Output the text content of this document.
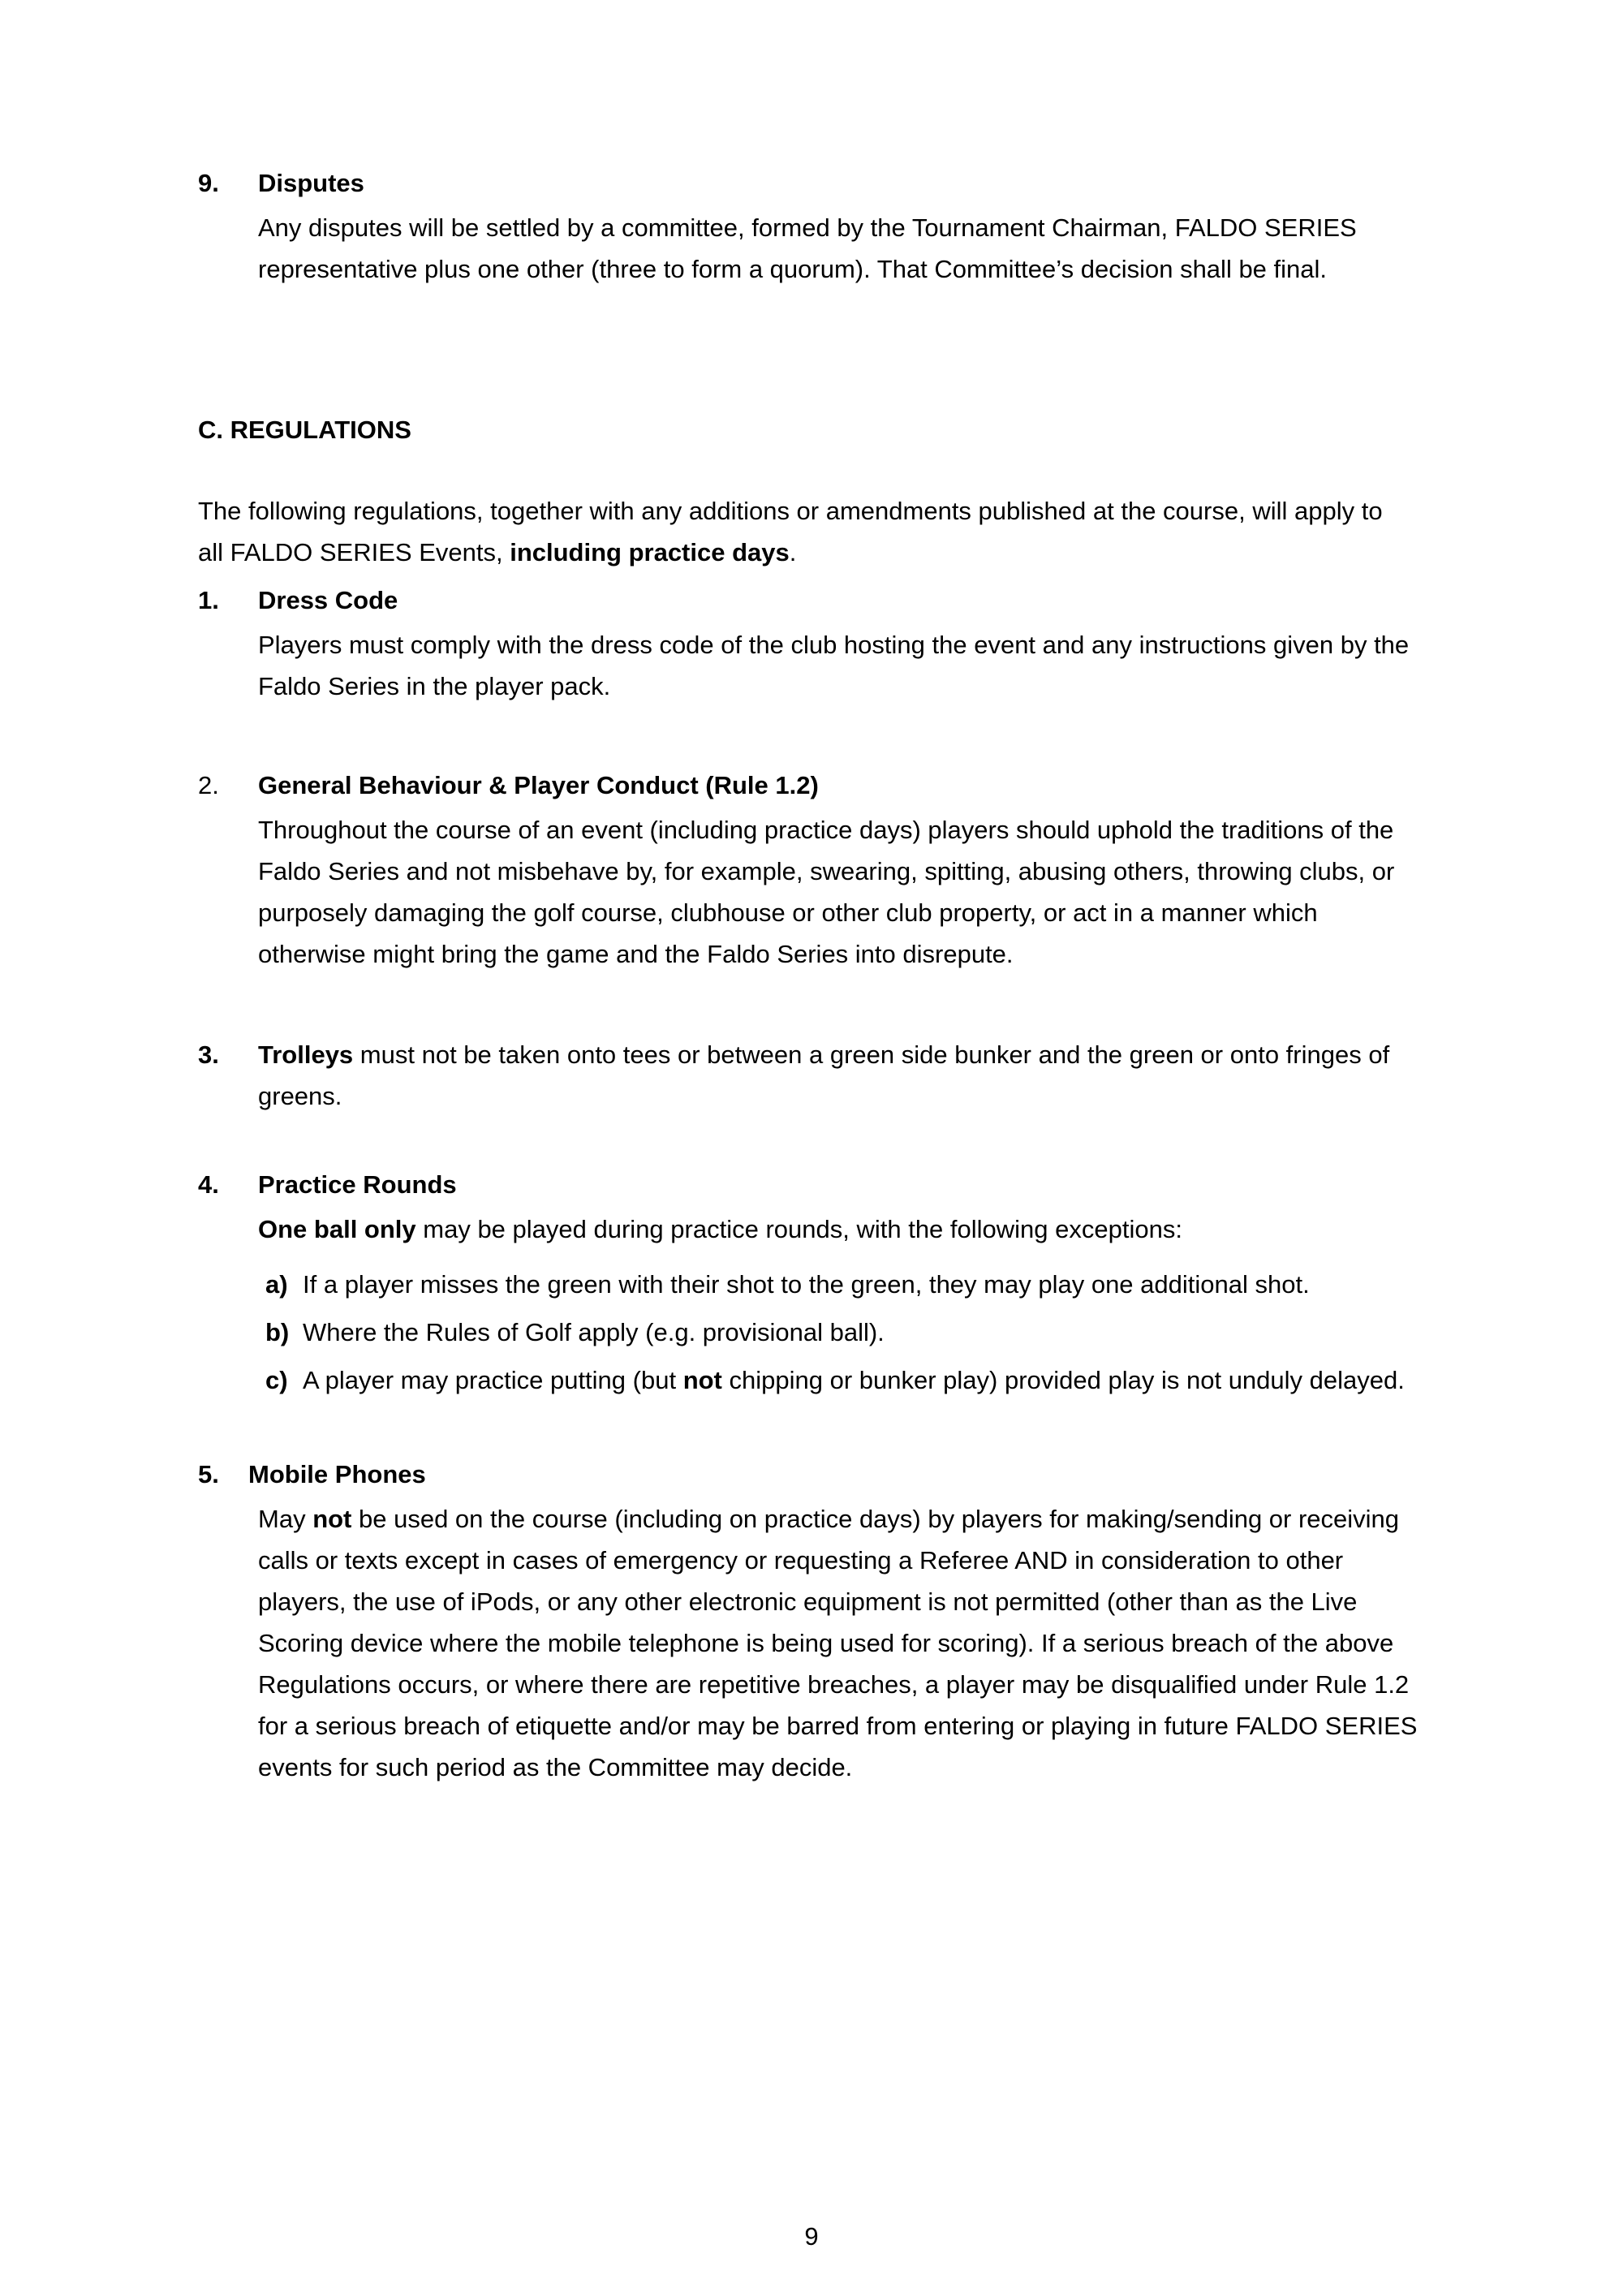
9.	Disputes

Any disputes will be settled by a committee, formed by the Tournament Chairman, FALDO SERIES representative plus one other (three to form a quorum). That Committee’s decision shall be final.

C. REGULATIONS

The following regulations, together with any additions or amendments published at the course, will apply to all FALDO SERIES Events, including practice days.

1.	Dress Code

Players must comply with the dress code of the club hosting the event and any instructions given by the Faldo Series in the player pack.

2.	General Behaviour & Player Conduct (Rule 1.2)

Throughout the course of an event (including practice days) players should uphold the traditions of the Faldo Series and not misbehave by, for example, swearing, spitting, abusing others, throwing clubs, or purposely damaging the golf course, clubhouse or other club property, or act in a manner which otherwise might bring the game and the Faldo Series into disrepute.

3.	Trolleys must not be taken onto tees or between a green side bunker and the green or onto fringes of greens.
4.	Practice Rounds

One ball only may be played during practice rounds, with the following exceptions:

a) If a player misses the green with their shot to the green, they may play one additional shot.
b) Where the Rules of Golf apply (e.g. provisional ball).
c) A player may practice putting (but not chipping or bunker play) provided play is not unduly delayed.
5.	Mobile Phones

May not be used on the course (including on practice days) by players for making/sending or receiving calls or texts except in cases of emergency or requesting a Referee AND in consideration to other players, the use of iPods, or any other electronic equipment is not permitted (other than as the Live Scoring device where the mobile telephone is being used for scoring). If a serious breach of the above Regulations occurs, or where there are repetitive breaches, a player may be disqualified under Rule 1.2 for a serious breach of etiquette and/or may be barred from entering or playing in future FALDO SERIES events for such period as the Committee may decide.

9
